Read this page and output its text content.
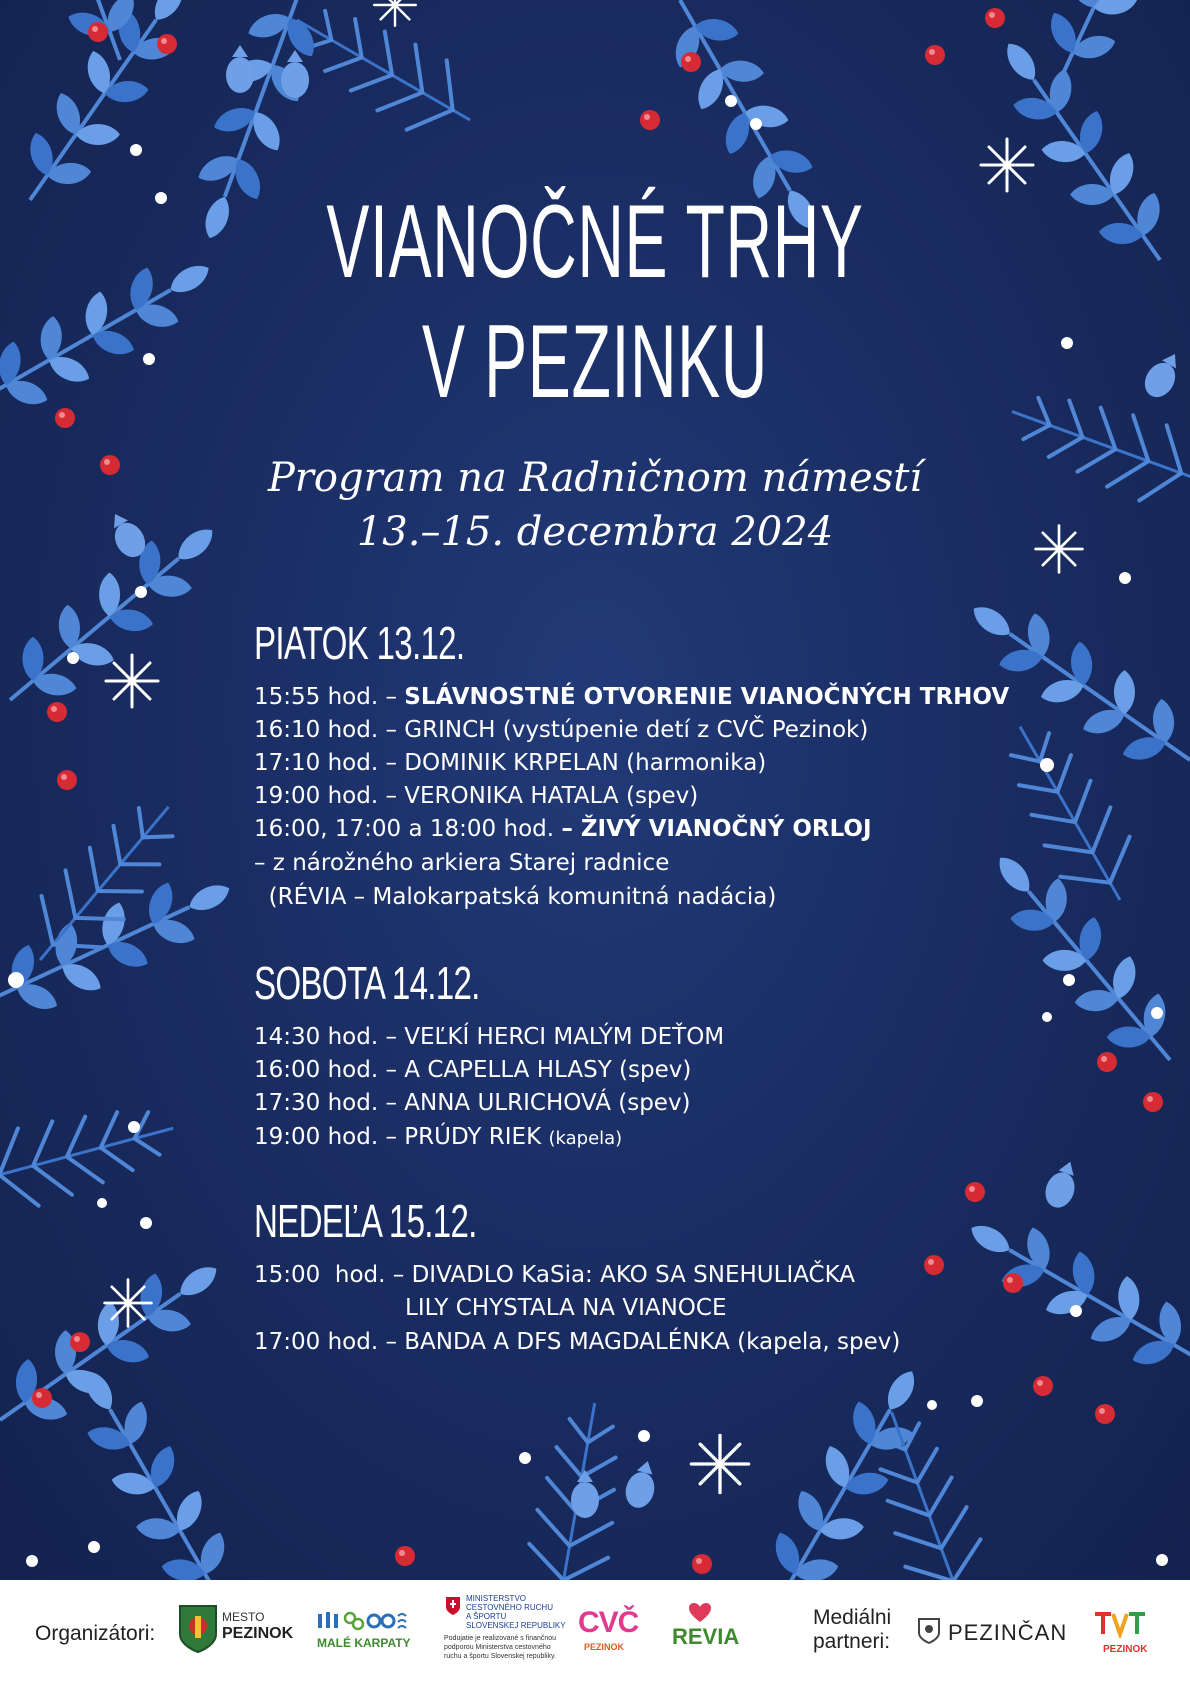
VIANOČNÉ TRHY
V PEZINKU
Program na Radničnom námestí
13.–15. decembra 2024
PIATOK 13.12.
15:55 hod. – SLÁVNOSTNÉ OTVORENIE VIANOČNÝCH TRHOV
16:10 hod. – GRINCH (vystúpenie detí z CVČ Pezinok)
17:10 hod. – DOMINIK KRPELAN (harmonika)
19:00 hod. – VERONIKA HATALA (spev)
16:00, 17:00 a 18:00 hod. – ŽIVÝ VIANOČNÝ ORLOJ
– z nárožného arkiera Starej radnice
(RÉVIA – Malokarpatská komunitná nadácia)
SOBOTA 14.12.
14:30 hod. – VEĽKÍ HERCI MALÝM DEŤOM
16:00 hod. – A CAPELLA HLASY (spev)
17:30 hod. – ANNA ULRICHOVÁ (spev)
19:00 hod. – PRÚDY RIEK (kapela)
NEDEĽA 15.12.
15:00  hod. – DIVADLO KaSia: AKO SA SNEHULIAČKA
LILY CHYSTALA NA VIANOCE
17:00 hod. – BANDA A DFS MAGDALÉNKA (kapela, spev)
Organizátori:
MESTO
PEZINOK
MALÉ KARPATY
MINISTERSTVO
CESTOVNÉHO RUCHU
A ŠPORTU
SLOVENSKEJ REPUBLIKY
Podujatie je realizované s finančnou
podporou Ministerstva cestovného
ruchu a športu Slovenskej republiky.
CVČ
PEZINOK REVIA
Mediálni
partneri:	PEZINČAN
PEZINOK
